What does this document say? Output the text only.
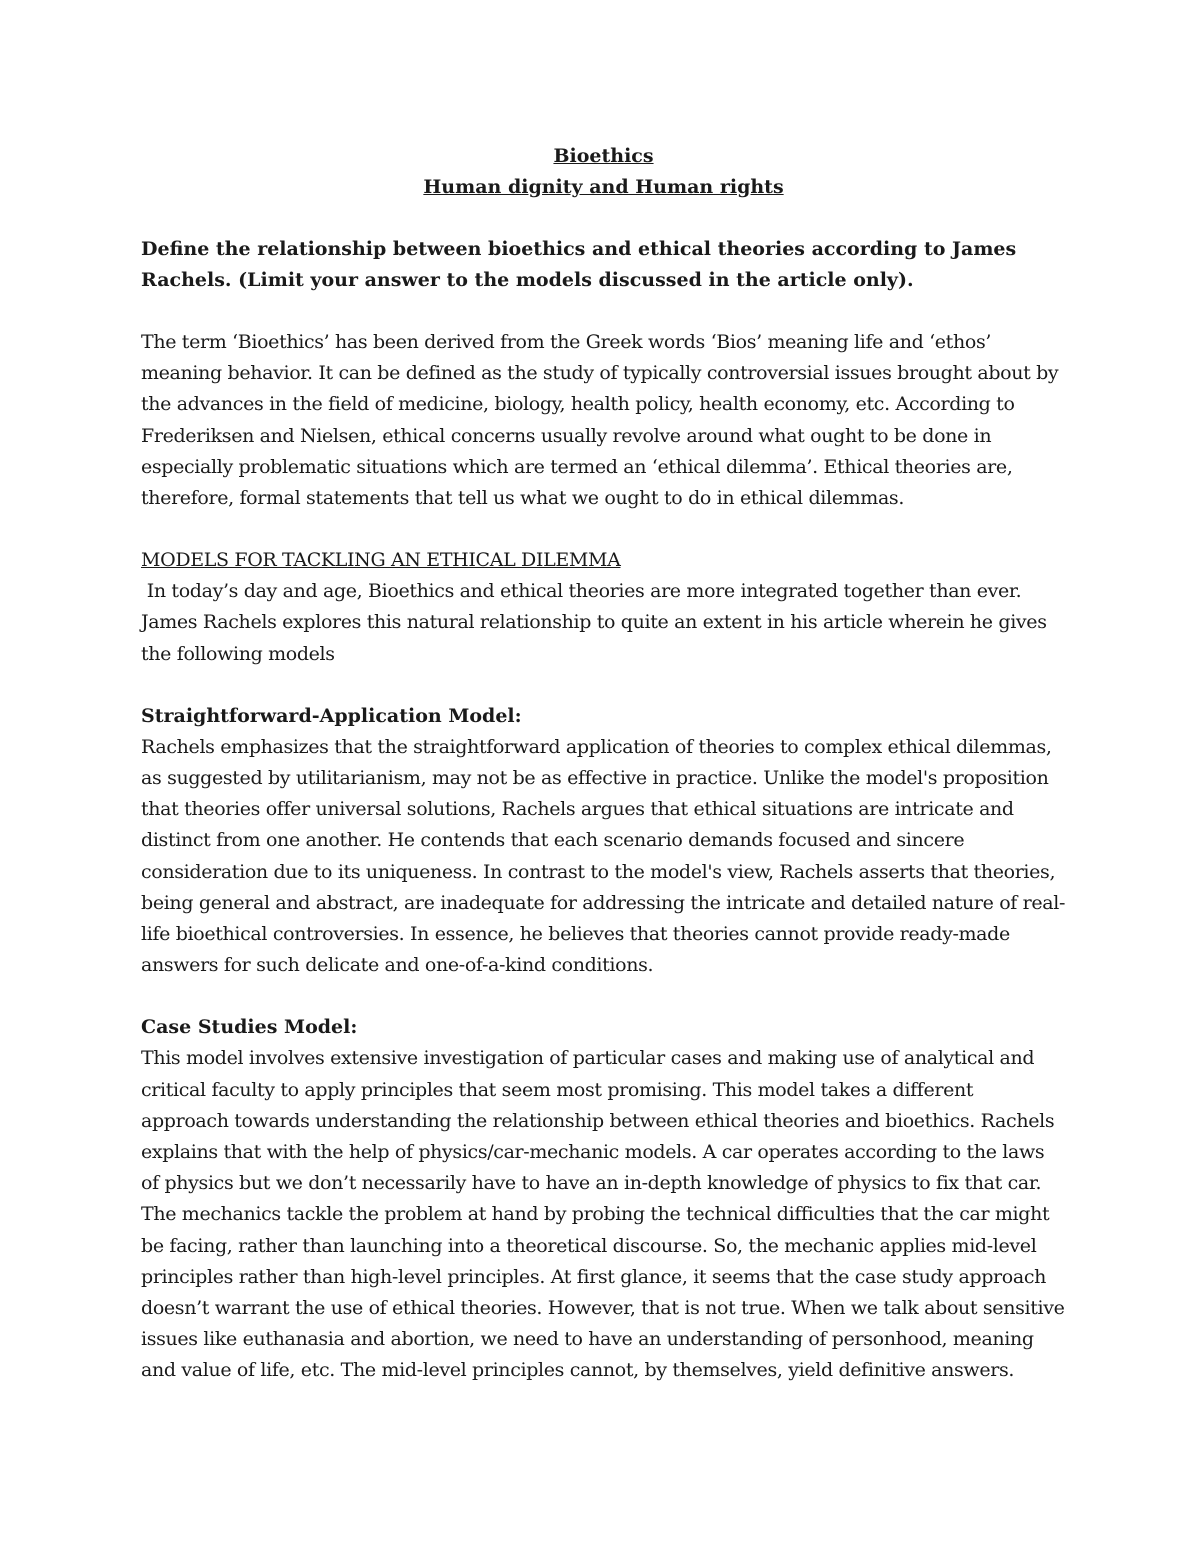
Bioethics
Human dignity and Human rights
Define the relationship between bioethics and ethical theories according to James Rachels. (Limit your answer to the models discussed in the article only).

The term ‘Bioethics’ has been derived from the Greek words ‘Bios’ meaning life and ‘ethos’ meaning behavior. It can be defined as the study of typically controversial issues brought about by the advances in the field of medicine, biology, health policy, health economy, etc. According to Frederiksen and Nielsen, ethical concerns usually revolve around what ought to be done in especially problematic situations which are termed an ‘ethical dilemma’. Ethical theories are, therefore, formal statements that tell us what we ought to do in ethical dilemmas.

MODELS FOR TACKLING AN ETHICAL DILEMMA

In today’s day and age, Bioethics and ethical theories are more integrated together than ever. James Rachels explores this natural relationship to quite an extent in his article wherein he gives the following models

Straightforward-Application Model:

Rachels emphasizes that the straightforward application of theories to complex ethical dilemmas, as suggested by utilitarianism, may not be as effective in practice. Unlike the model's proposition that theories offer universal solutions, Rachels argues that ethical situations are intricate and distinct from one another. He contends that each scenario demands focused and sincere consideration due to its uniqueness. In contrast to the model's view, Rachels asserts that theories, being general and abstract, are inadequate for addressing the intricate and detailed nature of real-life bioethical controversies. In essence, he believes that theories cannot provide ready-made answers for such delicate and one-of-a-kind conditions.

Case Studies Model:

This model involves extensive investigation of particular cases and making use of analytical and critical faculty to apply principles that seem most promising. This model takes a different approach towards understanding the relationship between ethical theories and bioethics. Rachels explains that with the help of physics/car-mechanic models. A car operates according to the laws of physics but we don’t necessarily have to have an in-depth knowledge of physics to fix that car. The mechanics tackle the problem at hand by probing the technical difficulties that the car might be facing, rather than launching into a theoretical discourse. So, the mechanic applies mid-level principles rather than high-level principles. At first glance, it seems that the case study approach doesn’t warrant the use of ethical theories. However, that is not true. When we talk about sensitive issues like euthanasia and abortion, we need to have an understanding of personhood, meaning and value of life, etc. The mid-level principles cannot, by themselves, yield definitive answers.
